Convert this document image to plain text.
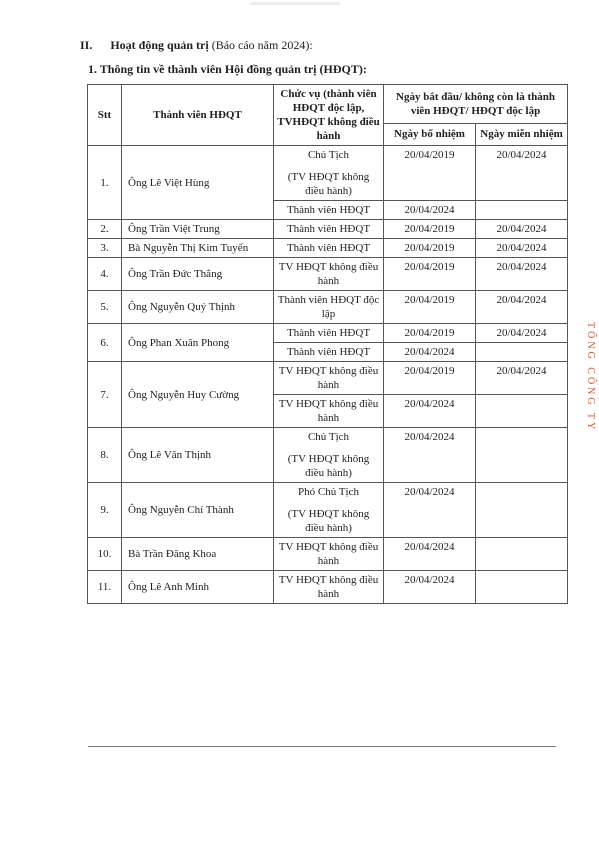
II. Hoạt động quản trị (Báo cáo năm 2024):
1. Thông tin về thành viên Hội đồng quản trị (HĐQT):
Stt	Thành viên HĐQT	Chức vụ (thành viên HĐQT độc lập, TVHĐQT không điều hành	Ngày bắt đầu/ không còn là thành viên HĐQT/ HĐQT độc lập	
			Ngày bổ nhiệm	Ngày miễn nhiệm
1.	Ông Lê Việt Hùng	Chủ Tịch
(TV HĐQT không điều hành)	20/04/2019	20/04/2024

		Thành viên HĐQT	20/04/2024	
2.	Ông Trần Việt Trung	Thành viên HĐQT	20/04/2019	20/04/2024
3.	Bà Nguyễn Thị Kim Tuyến	Thành viên HĐQT	20/04/2019	20/04/2024
4.	Ông Trần Đức Thắng	TV HĐQT không điều hành	20/04/2019	20/04/2024
5.	Ông Nguyễn Quý Thịnh	Thành viên HĐQT độc lập	20/04/2019	20/04/2024
6.	Ông Phan Xuân Phong	Thành viên HĐQT	20/04/2019	20/04/2024

		Thành viên HĐQT	20/04/2024	
7.	Ông Nguyễn Huy Cường	TV HĐQT không điều hành	20/04/2019	20/04/2024

		TV HĐQT không điều hành	20/04/2024	
8.	Ông Lê Văn Thịnh	Chủ Tịch
(TV HĐQT không điều hành)	20/04/2024	
9.	Ông Nguyễn Chí Thành	Phó Chủ Tịch
(TV HĐQT không điều hành)	20/04/2024	
10.	Bà Trần Đăng Khoa	TV HĐQT không điều hành	20/04/2024	
11.	Ông Lê Anh Minh	TV HĐQT không điều hành	20/04/2024	
TỔNG CÔNG TY
